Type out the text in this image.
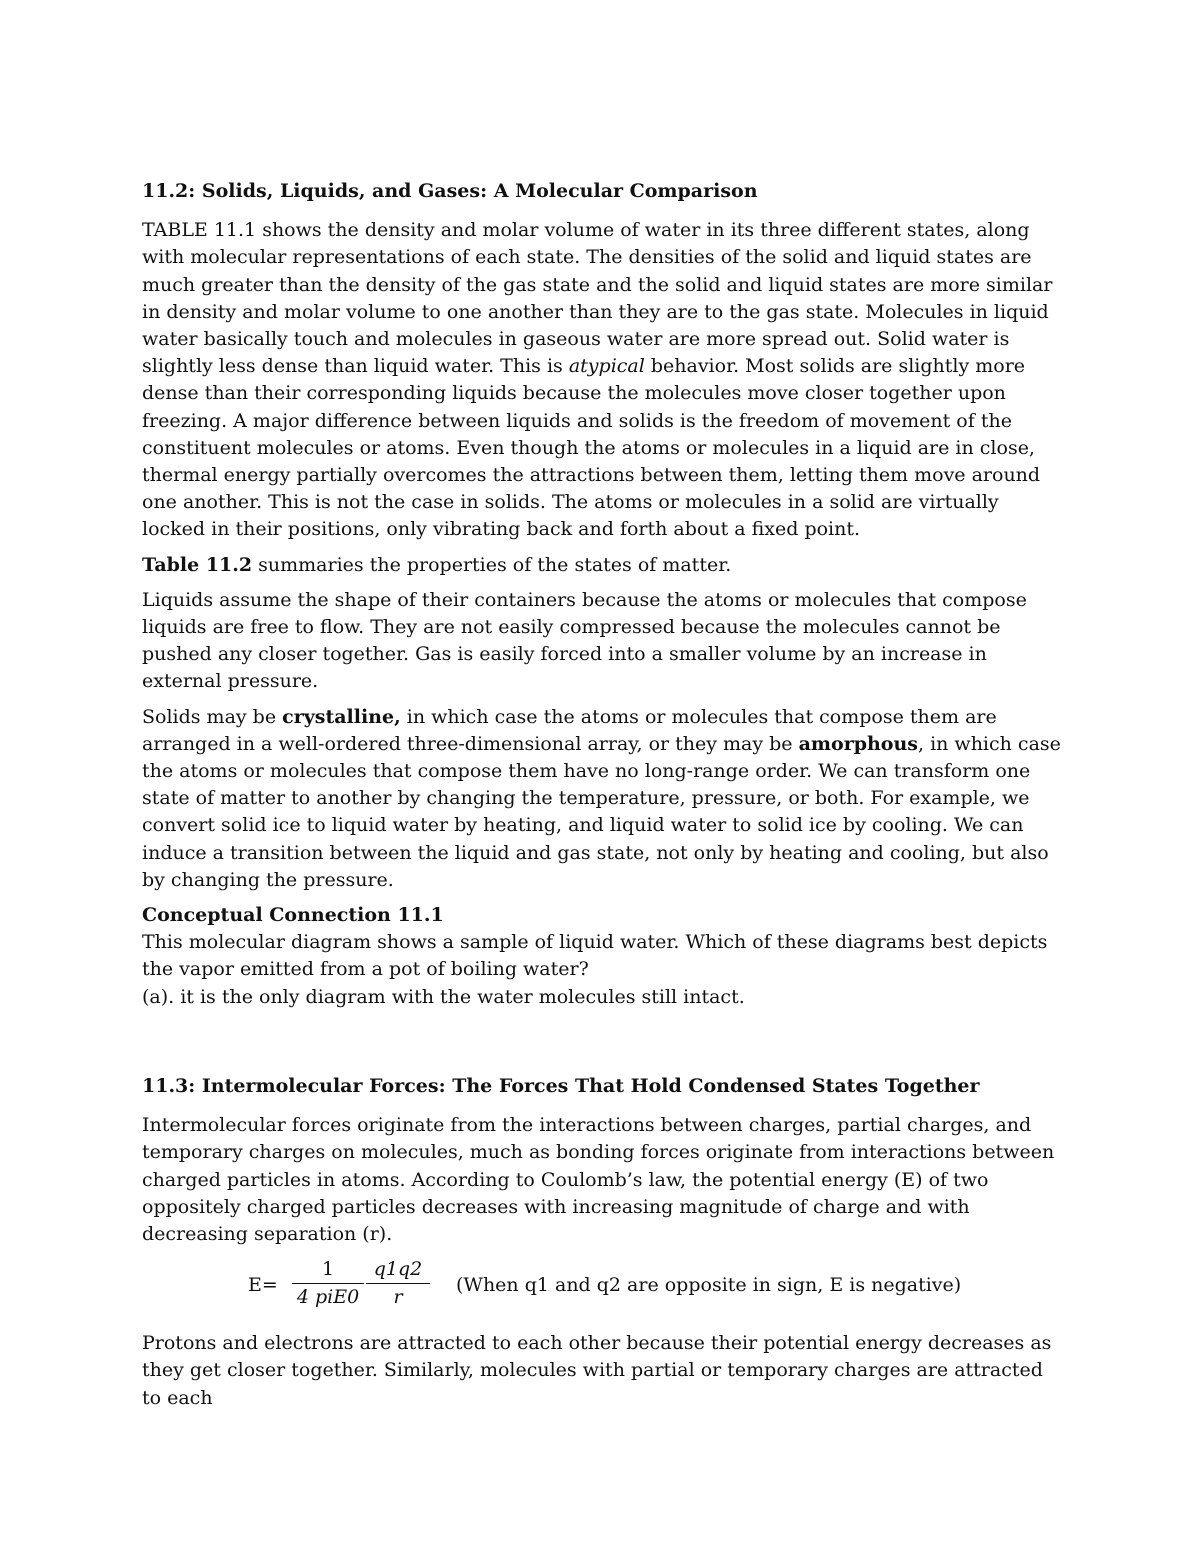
11.2: Solids, Liquids, and Gases: A Molecular Comparison

TABLE 11.1 shows the density and molar volume of water in its three different states, along with molecular representations of each state. The densities of the solid and liquid states are much greater than the density of the gas state and the solid and liquid states are more similar in density and molar volume to one another than they are to the gas state. Molecules in liquid water basically touch and molecules in gaseous water are more spread out. Solid water is slightly less dense than liquid water. This is atypical behavior. Most solids are slightly more dense than their corresponding liquids because the molecules move closer together upon freezing. A major difference between liquids and solids is the freedom of movement of the constituent molecules or atoms. Even though the atoms or molecules in a liquid are in close, thermal energy partially overcomes the attractions between them, letting them move around one another. This is not the case in solids. The atoms or molecules in a solid are virtually locked in their positions, only vibrating back and forth about a fixed point.

Table 11.2 summaries the properties of the states of matter.

Liquids assume the shape of their containers because the atoms or molecules that compose liquids are free to flow. They are not easily compressed because the molecules cannot be pushed any closer together. Gas is easily forced into a smaller volume by an increase in external pressure.

Solids may be crystalline, in which case the atoms or molecules that compose them are arranged in a well-ordered three-dimensional array, or they may be amorphous, in which case the atoms or molecules that compose them have no long-range order. We can transform one state of matter to another by changing the temperature, pressure, or both. For example, we convert solid ice to liquid water by heating, and liquid water to solid ice by cooling. We can induce a transition between the liquid and gas state, not only by heating and cooling, but also by changing the pressure.

Conceptual Connection 11.1
This molecular diagram shows a sample of liquid water. Which of these diagrams best depicts the vapor emitted from a pot of boiling water?
(a). it is the only diagram with the water molecules still intact.

11.3: Intermolecular Forces: The Forces That Hold Condensed States Together

Intermolecular forces originate from the interactions between charges, partial charges, and temporary charges on molecules, much as bonding forces originate from interactions between charged particles in atoms. According to Coulomb’s law, the potential energy (E) of two oppositely charged particles decreases with increasing magnitude of charge and with decreasing separation (r).

E=
1
4 $piE0 \frac{q1q2}{r}$ (When q1 and q2 are opposite in sign, E is negative)

Protons and electrons are attracted to each other because their potential energy decreases as they get closer together. Similarly, molecules with partial or temporary charges are attracted to each
